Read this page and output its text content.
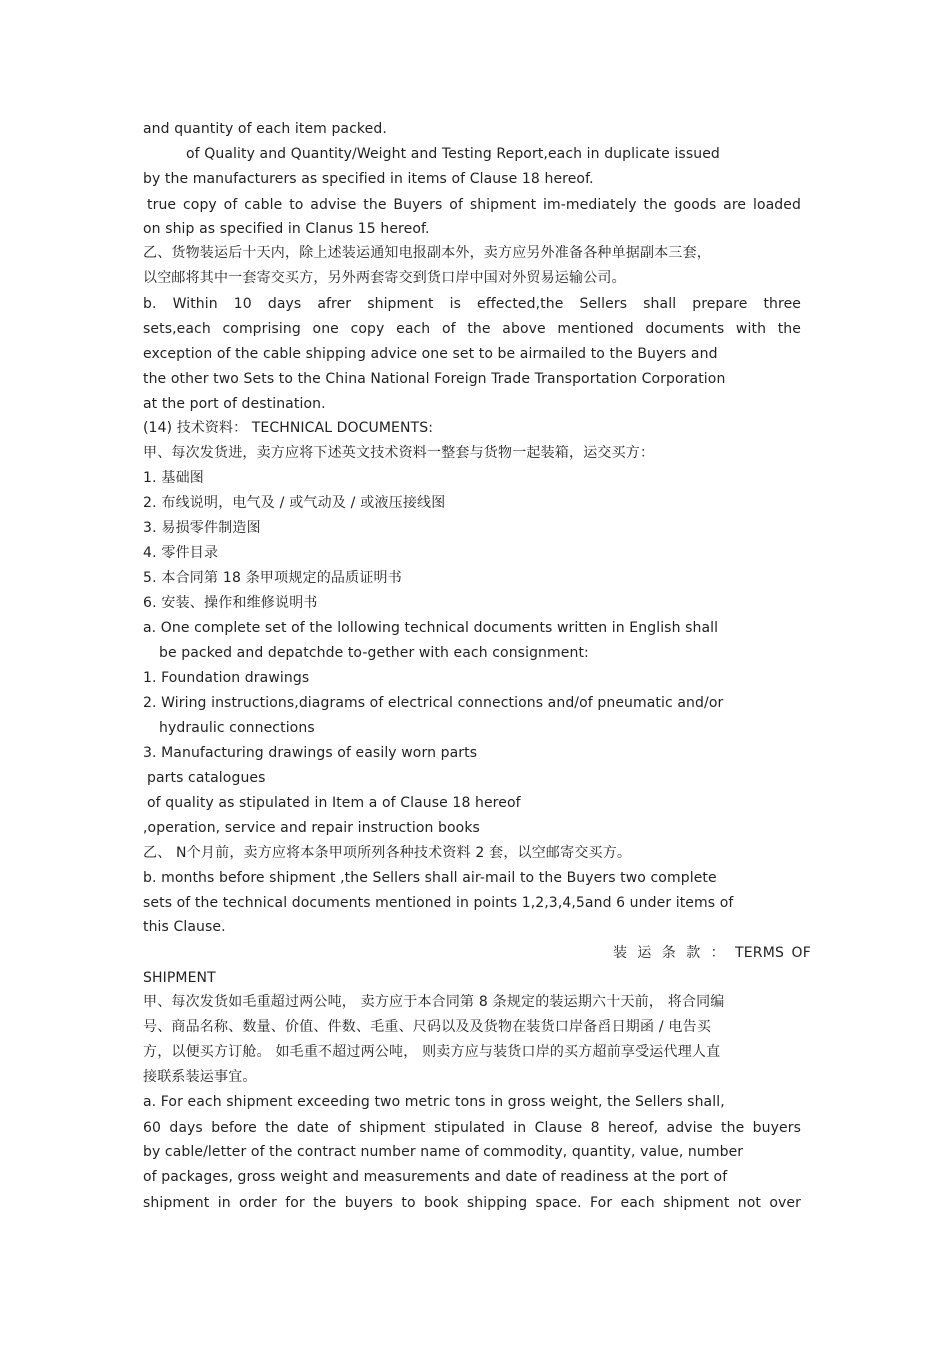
and quantity of each item packed.
of Quality and Quantity/Weight and Testing Report,each in duplicate issued
by the manufacturers as specified in items of Clause 18 hereof.
true copy of cable to advise the Buyers of shipment im-mediately the goods are loaded
on ship as specified in Clanus 15 hereof.
乙、货物装运后十天内，除上述装运通知电报副本外，卖方应另外准备各种单据副本三套，
以空邮将其中一套寄交买方，另外两套寄交到货口岸中国对外贸易运输公司。
b. Within 10 days afrer shipment is effected,the Sellers shall prepare three
sets,each comprising one copy each of the above mentioned documents with the
exception of the cable shipping advice one set to be airmailed to the Buyers and
the other two Sets to the China National Foreign Trade Transportation Corporation
at the port of destination.
(14) 技术资料： TECHNICAL DOCUMENTS:
甲、每次发货进，卖方应将下述英文技术资料一整套与货物一起装箱，运交买方：
1. 基础图
2. 布线说明，电气及 / 或气动及 / 或液压接线图
3. 易损零件制造图
4. 零件目录
5. 本合同第 18 条甲项规定的品质证明书
6. 安装、操作和维修说明书
a. One complete set of the lollowing technical documents written in English shall
be packed and depatchde to-gether with each consignment:
1. Foundation drawings
2. Wiring instructions,diagrams of electrical connections and/of pneumatic and/or
hydraulic connections
3. Manufacturing drawings of easily worn parts
parts catalogues
of quality as stipulated in Item a of Clause 18 hereof
,operation, service and repair instruction books
乙、 N个月前，卖方应将本条甲项所列各种技术资料 2 套，以空邮寄交买方。
b. months before shipment ,the Sellers shall air-mail to the Buyers two complete
sets of the technical documents mentioned in points 1,2,3,4,5and 6 under items of
this Clause.
装 运 条 款 ： TERMS OF
SHIPMENT
甲、每次发货如毛重超过两公吨， 卖方应于本合同第 8 条规定的装运期六十天前， 将合同编
号、商品名称、数量、价值、件数、毛重、尺码以及及货物在装货口岸备舀日期函 / 电告买
方，以便买方订舱。 如毛重不超过两公吨， 则卖方应与装货口岸的买方超前享受运代理人直
接联系装运事宜。
a. For each shipment exceeding two metric tons in gross weight, the Sellers shall,
60 days before the date of shipment stipulated in Clause 8 hereof, advise the buyers
by cable/letter of the contract number name of commodity, quantity, value, number
of packages, gross weight and measurements and date of readiness at the port of
shipment in order for the buyers to book shipping space. For each shipment not over
